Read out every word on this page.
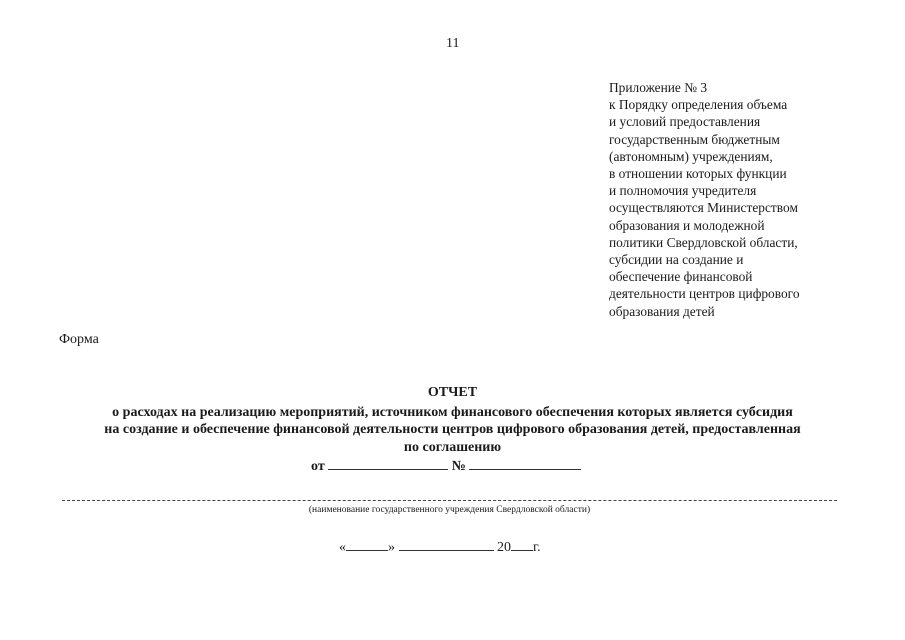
11
Приложение № 3
к Порядку определения объема
и условий предоставления
государственным бюджетным
(автономным) учреждениям,
в отношении которых функции
и полномочия учредителя
осуществляются Министерством
образования и молодежной
политики Свердловской области,
субсидии на создание и
обеспечение финансовой
деятельности центров цифрового
образования детей
Форма
ОТЧЕТ
о расходах на реализацию мероприятий, источником финансового обеспечения которых является субсидия
на создание и обеспечение финансовой деятельности центров цифрового образования детей, предоставленная
по соглашению
от	№
(наименование государственного учреждения Свердловской области)
«	»	20 г.
